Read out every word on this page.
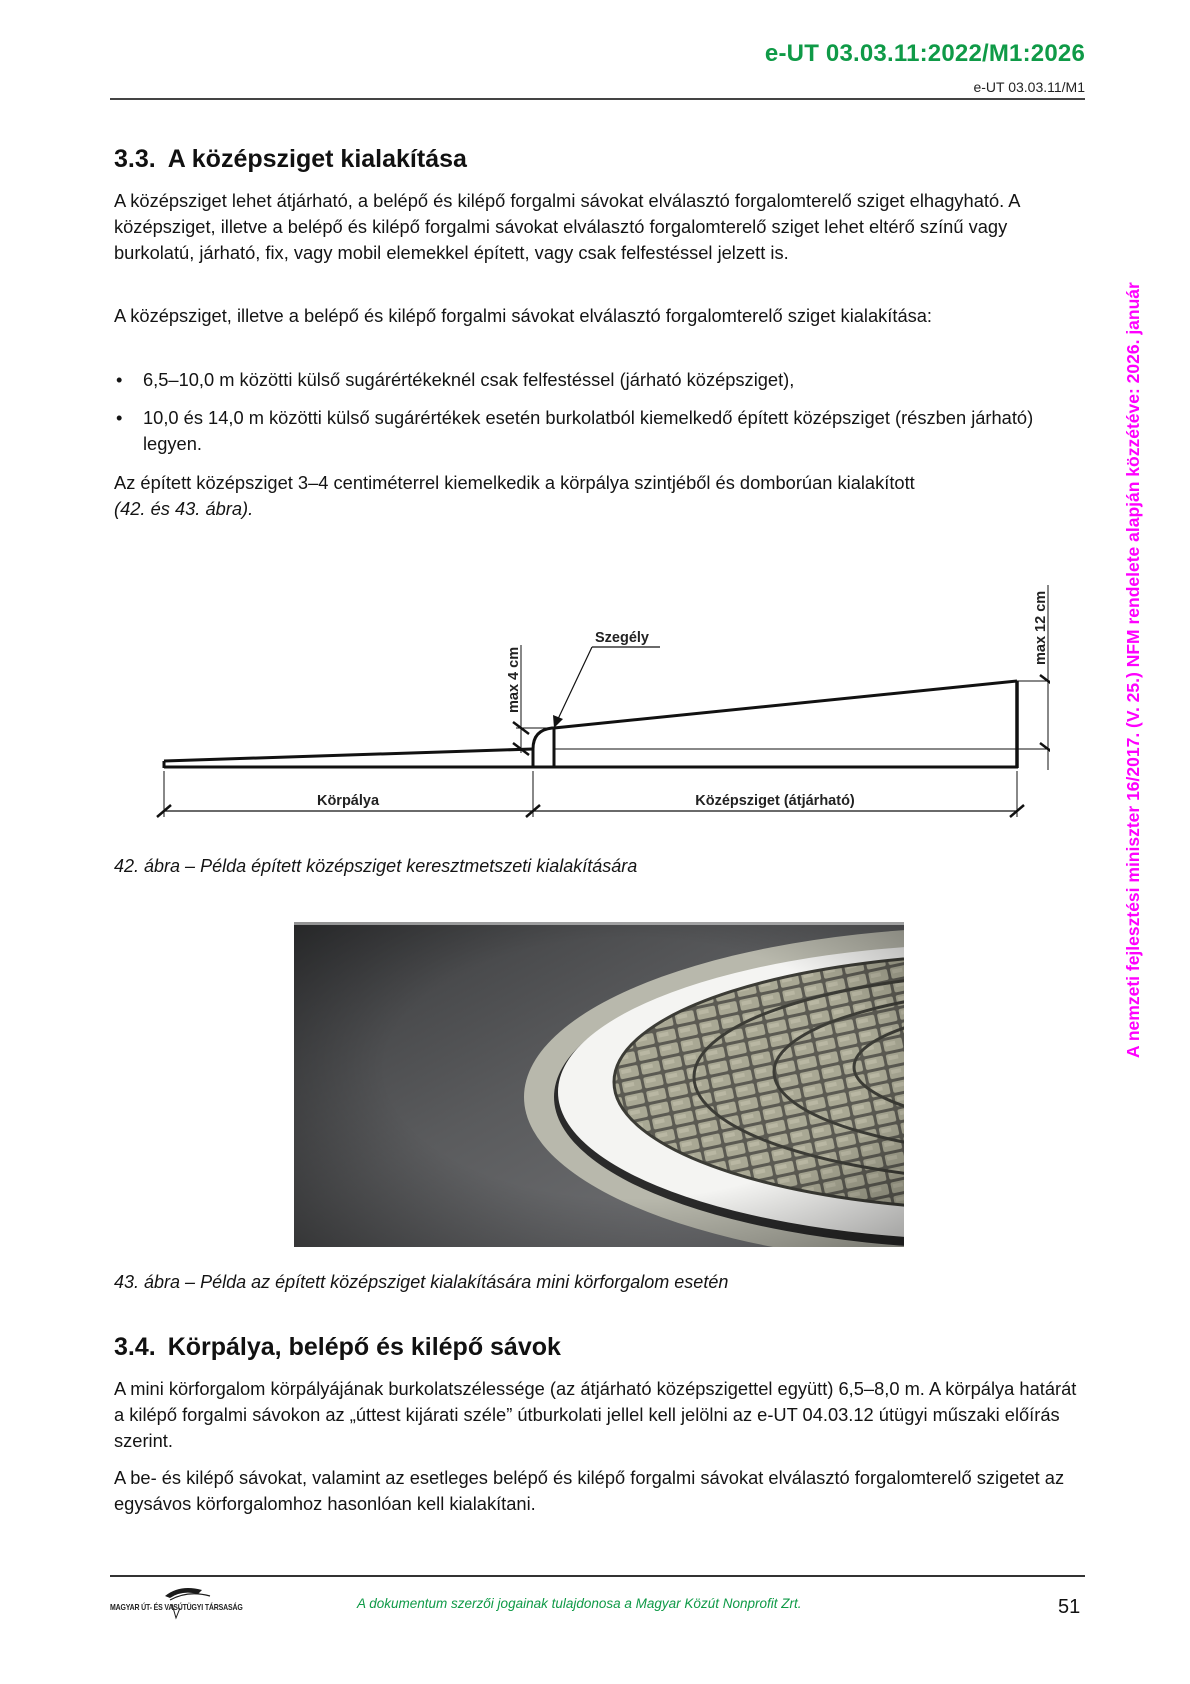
e-UT 03.03.11:2022/M1:2026
e-UT 03.03.11/M1
A nemzeti fejlesztési miniszter 16/2017. (V. 25.) NFM rendelete alapján közzétéve: 2026. január
3.3. A középsziget kialakítása

A középsziget lehet átjárható, a belépő és kilépő forgalmi sávokat elválasztó forgalomterelő sziget elhagyható. A középsziget, illetve a belépő és kilépő forgalmi sávokat elválasztó forgalomterelő sziget lehet eltérő színű vagy burkolatú, járható, fix, vagy mobil elemekkel épített, vagy csak felfestéssel jelzett is.

A középsziget, illetve a belépő és kilépő forgalmi sávokat elválasztó forgalomterelő sziget kialakítása:

• 6,5–10,0 m közötti külső sugárértékeknél csak felfestéssel (járható középsziget),
• 10,0 és 14,0 m közötti külső sugárértékek esetén burkolatból kiemelkedő épített középsziget (részben járható) legyen.

Az épített középsziget 3–4 centiméterrel kiemelkedik a körpálya szintjéből és domborúan kialakított
(42. és 43. ábra).

max 4 cm
max 12 cm
Szegély
Körpálya	Középsziget (átjárható)
42. ábra – Példa épített középsziget keresztmetszeti kialakítására
43. ábra – Példa az épített középsziget kialakítására mini körforgalom esetén
3.4. Körpálya, belépő és kilépő sávok

A mini körforgalom körpályájának burkolatszélessége (az átjárható középszigettel együtt) 6,5–8,0 m. A körpálya határát a kilépő forgalmi sávokon az „úttest kijárati széle” útburkolati jellel kell jelölni az e-UT 04.03.12 útügyi műszaki előírás szerint.

A be- és kilépő sávokat, valamint az esetleges belépő és kilépő forgalmi sávokat elválasztó forgalomterelő szigetet az egysávos körforgalomhoz hasonlóan kell kialakítani.

MAGYAR ÚT- ÉS VASÚTÜGYI TÁRSASÁG	A dokumentum szerzői jogainak tulajdonosa a Magyar Közút Nonprofit Zrt.	51
